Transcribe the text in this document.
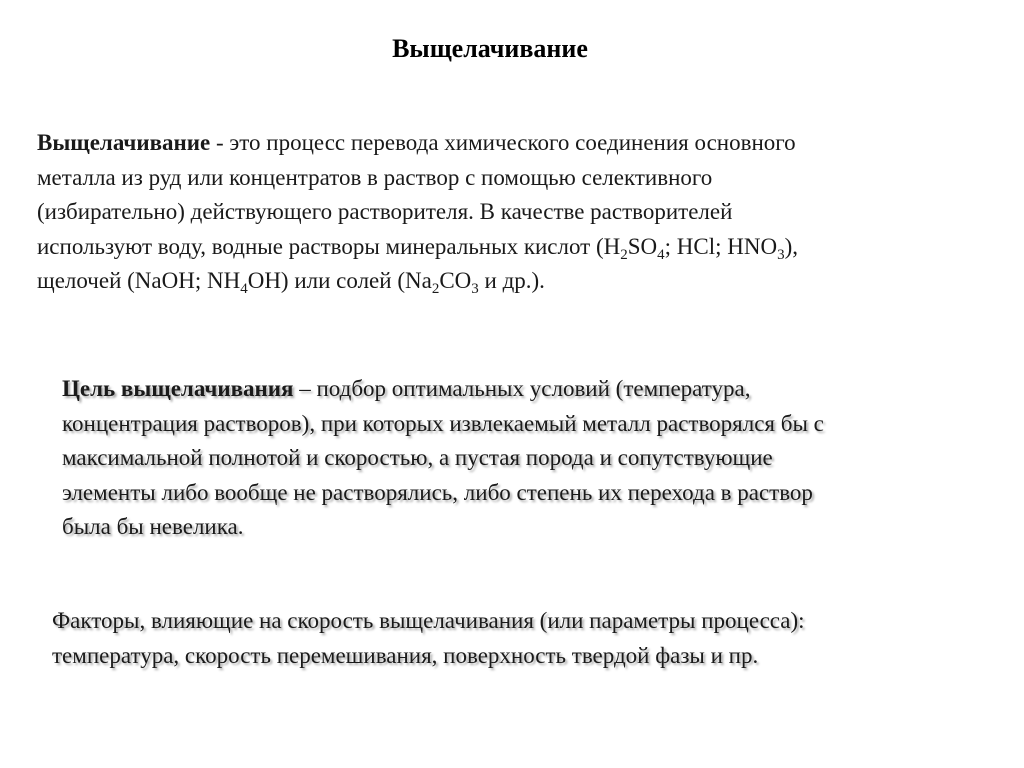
Выщелачивание
Выщелачивание - это процесс перевода химического соединения основного
металла из руд или концентратов в раствор с помощью селективного
(избирательно) действующего растворителя. В качестве растворителей
используют воду, водные растворы минеральных кислот ($H_2SO_4$; HCl; $HNO_3$),
щелочей (NaOH; $NH_4OH$) или солей ($Na_2CO_3$ и др.).
Цель выщелачивания – подбор оптимальных условий (температура,
концентрация растворов), при которых извлекаемый металл растворялся бы с
максимальной полнотой и скоростью, а пустая порода и сопутствующие
элементы либо вообще не растворялись, либо степень их перехода в раствор
была бы невелика.
Факторы, влияющие на скорость выщелачивания (или параметры процесса):
температура, скорость перемешивания, поверхность твердой фазы и пр.
